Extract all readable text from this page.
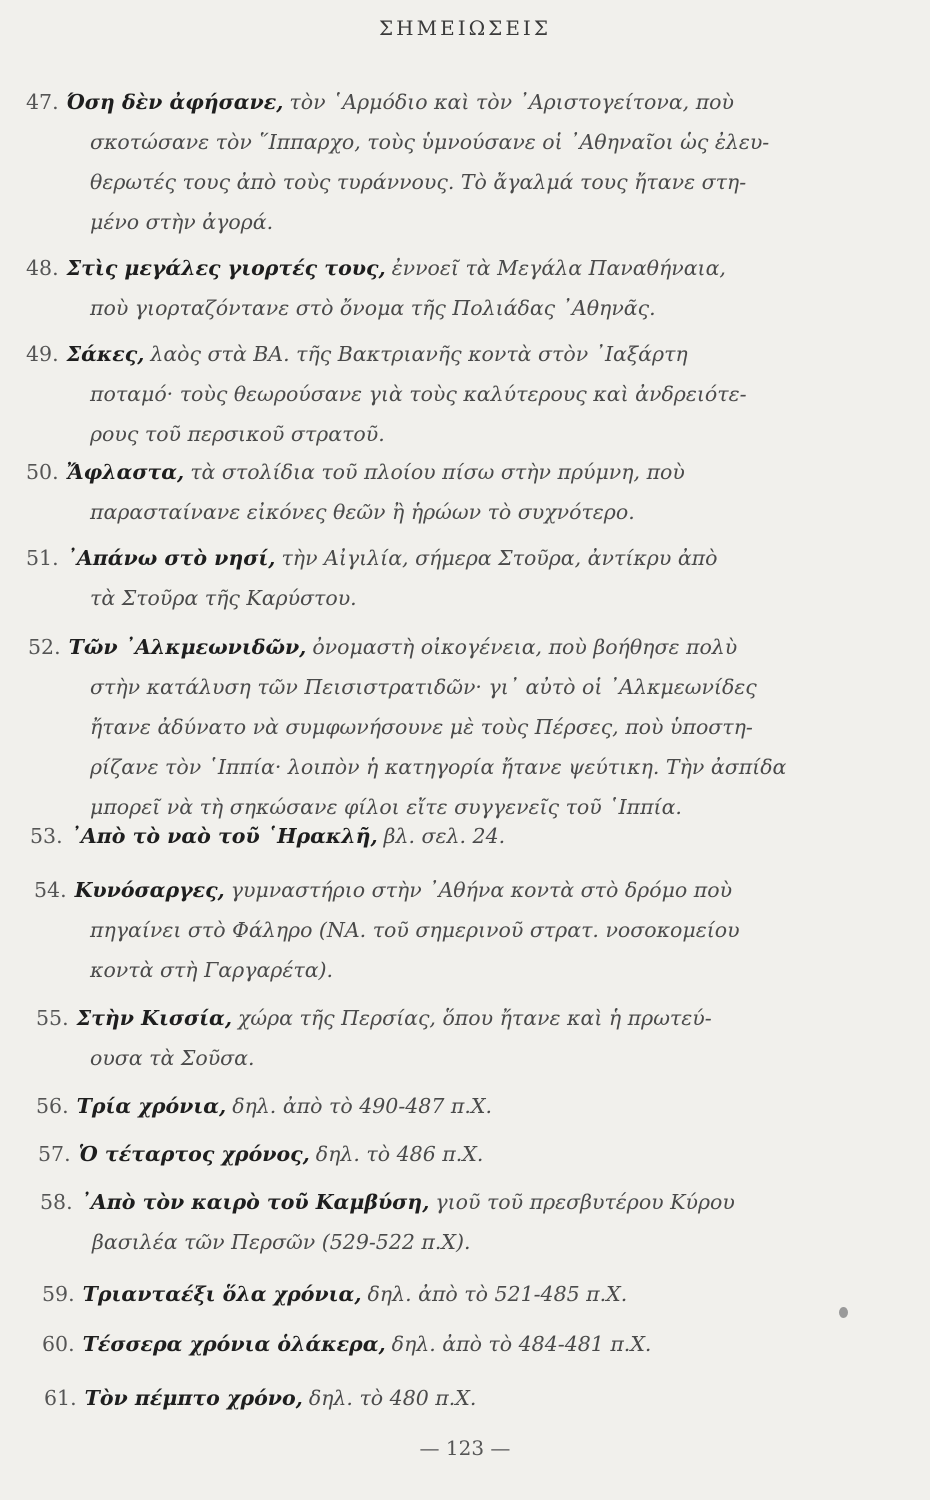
ΣΗΜΕΙΩΣΕΙΣ
47. Όση δὲν ἀφήσανε, τὸν ῾Αρμόδιο καὶ τὸν ᾿Αριστογείτονα, ποὺ
σκοτώσανε τὸν ῞Ιππαρχο, τοὺς ὑμνούσανε οἱ ᾿Αθηναῖοι ὡς ἐλευ-
θερωτές τους ἀπὸ τοὺς τυράννους. Τὸ ἄγαλμά τους ἤτανε στη-
μένο στὴν ἀγορά.
48. Στὶς μεγάλες γιορτές τους, ἐννοεῖ τὰ Μεγάλα Παναθήναια,
ποὺ γιορταζόντανε στὸ ὄνομα τῆς Πολιάδας ᾿Αθηνᾶς.
49. Σάκες, λαὸς στὰ ΒΑ. τῆς Βακτριανῆς κοντὰ στὸν ᾿Ιαξάρτη
ποταμό· τοὺς θεωρούσανε γιὰ τοὺς καλύτερους καὶ ἀνδρειότε-
ρους τοῦ περσικοῦ στρατοῦ.
50. Ἄφλαστα, τὰ στολίδια τοῦ πλοίου πίσω στὴν πρύμνη, ποὺ
παρασταίνανε εἰκόνες θεῶν ἢ ἡρώων τὸ συχνότερο.
51. ᾿Απάνω στὸ νησί, τὴν Αἰγιλία, σήμερα Στοῦρα, ἀντίκρυ ἀπὸ
τὰ Στοῦρα τῆς Καρύστου.
52. Τῶν ᾿Αλκμεωνιδῶν, ὀνομαστὴ οἰκογένεια, ποὺ βοήθησε πολὺ
στὴν κατάλυση τῶν Πεισιστρατιδῶν· γι᾿ αὐτὸ οἱ ᾿Αλκμεωνίδες
ἤτανε ἀδύνατο νὰ συμφωνήσουνε μὲ τοὺς Πέρσες, ποὺ ὑποστη-
ρίζανε τὸν ῾Ιππία· λοιπὸν ἡ κατηγορία ἤτανε ψεύτικη. Τὴν ἀσπίδα
μπορεῖ νὰ τὴ σηκώσανε φίλοι εἴτε συγγενεῖς τοῦ ῾Ιππία.
53. ᾿Απὸ τὸ ναὸ τοῦ ῾Ηρακλῆ, βλ. σελ. 24.
54. Κυνόσαργες, γυμναστήριο στὴν ᾿Αθήνα κοντὰ στὸ δρόμο ποὺ
πηγαίνει στὸ Φάληρο (ΝΑ. τοῦ σημερινοῦ στρατ. νοσοκομείου
κοντὰ στὴ Γαργαρέτα).
55. Στὴν Κισσία, χώρα τῆς Περσίας, ὅπου ἤτανε καὶ ἡ πρωτεύ-
ουσα τὰ Σοῦσα.
56. Τρία χρόνια, δηλ. ἀπὸ τὸ 490-487 π.Χ.
57. Ὁ τέταρτος χρόνος, δηλ. τὸ 486 π.Χ.
58. ᾿Απὸ τὸν καιρὸ τοῦ Καμβύση, γιοῦ τοῦ πρεσβυτέρου Κύρου
βασιλέα τῶν Περσῶν (529-522 π.Χ).
59. Τριανταέξι ὅλα χρόνια, δηλ. ἀπὸ τὸ 521-485 π.Χ.
60. Τέσσερα χρόνια ὁλάκερα, δηλ. ἀπὸ τὸ 484-481 π.Χ.
61. Τὸν πέμπτο χρόνο, δηλ. τὸ 480 π.Χ.
— 123 —
